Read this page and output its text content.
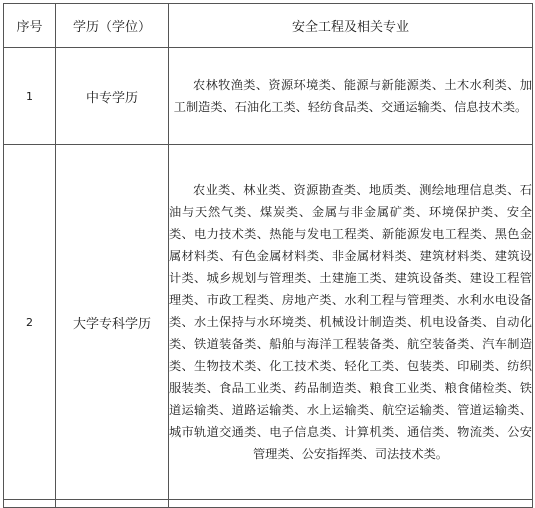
序号	学历（学位）	安全工程及相关专业
1	中专学历	农林牧渔类、资源环境类、能源与新能源类、土木水利类、加工制造类、石油化工类、轻纺食品类、交通运输类、信息技术类。

2	大学专科学历	农业类、林业类、资源勘查类、地质类、测绘地理信息类、石油与天然气类、煤炭类、金属与非金属矿类、环境保护类、安全类、电力技术类、热能与发电工程类、新能源发电工程类、黑色金属材料类、有色金属材料类、非金属材料类、建筑材料类、建筑设计类、城乡规划与管理类、土建施工类、建筑设备类、建设工程管理类、市政工程类、房地产类、水利工程与管理类、水利水电设备类、水土保持与水环境类、机械设计制造类、机电设备类、自动化类、铁道装备类、船舶与海洋工程装备类、航空装备类、汽车制造类、生物技术类、化工技术类、轻化工类、包装类、印刷类、纺织服装类、食品工业类、药品制造类、粮食工业类、粮食储检类、铁道运输类、道路运输类、水上运输类、航空运输类、管道运输类、城市轨道交通类、电子信息类、计算机类、通信类、物流类、公安管理类、公安指挥类、司法技术类。
